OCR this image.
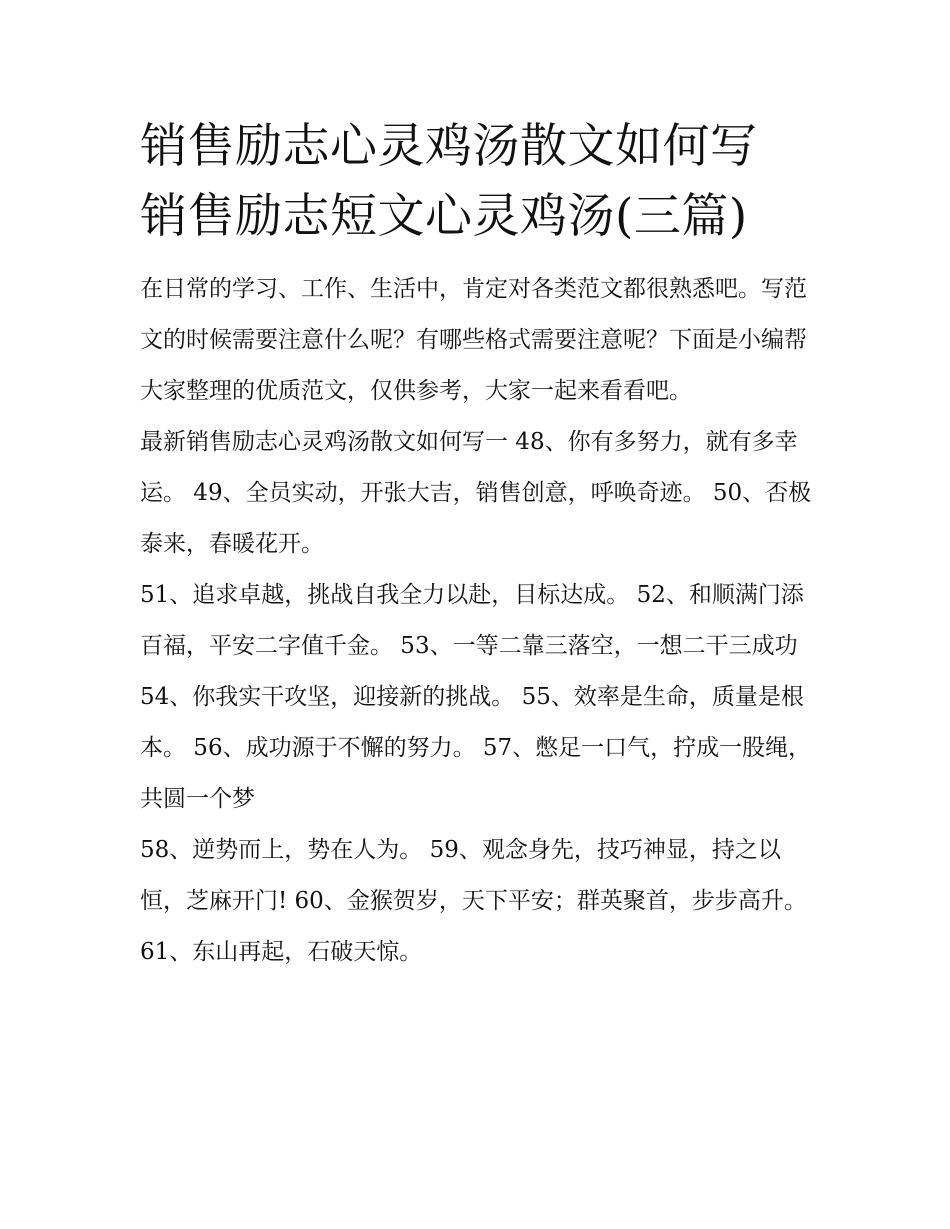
销售励志心灵鸡汤散文如何写
销售励志短文心灵鸡汤(三篇)

在日常的学习、工作、生活中，肯定对各类范文都很熟悉吧。写范文的时候需要注意什么呢？有哪些格式需要注意呢？下面是小编帮大家整理的优质范文，仅供参考，大家一起来看看吧。

最新销售励志心灵鸡汤散文如何写一 48、你有多努力，就有多幸运。 49、全员实动，开张大吉，销售创意，呼唤奇迹。 50、否极泰来，春暖花开。

51、追求卓越，挑战自我全力以赴，目标达成。 52、和顺满门添百福，平安二字值千金。 53、一等二靠三落空，一想二干三成功

54、你我实干攻坚，迎接新的挑战。 55、效率是生命，质量是根本。 56、成功源于不懈的努力。 57、憋足一口气，拧成一股绳，共圆一个梦

58、逆势而上，势在人为。 59、观念身先，技巧神显，持之以恒，芝麻开门! 60、金猴贺岁，天下平安；群英聚首，步步高升。 61、东山再起，石破天惊。
